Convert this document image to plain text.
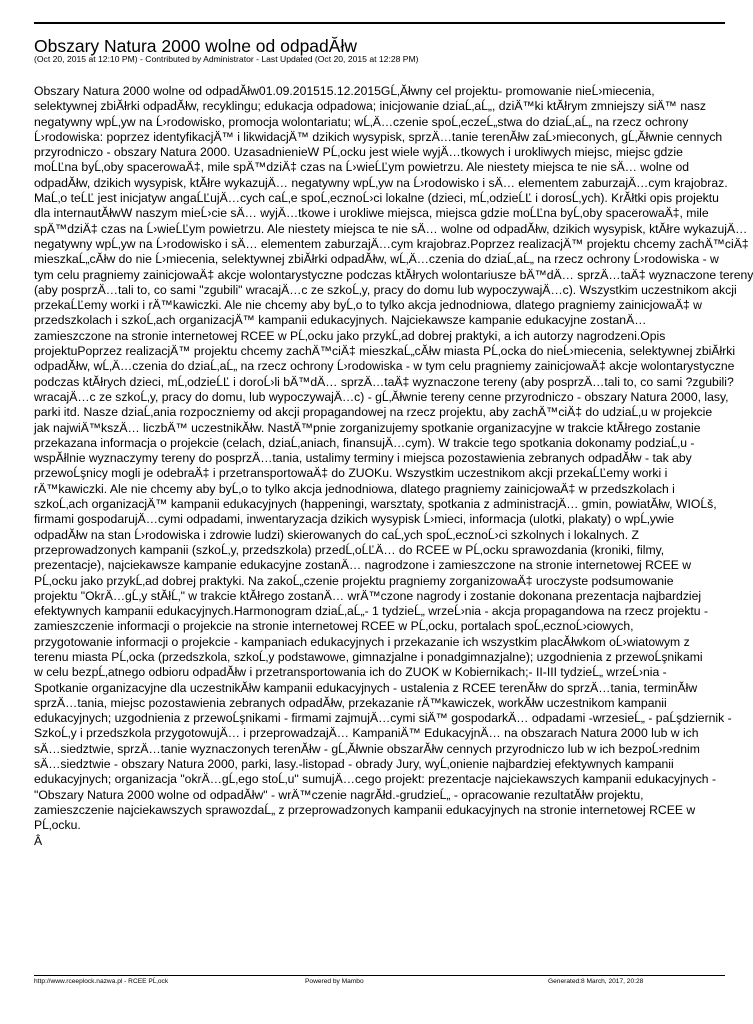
Obszary Natura 2000 wolne od odpadĂłw
(Oct 20, 2015 at 12:10 PM) - Contributed by Administrator - Last Updated (Oct 20, 2015 at 12:28 PM)

Obszary Natura 2000 wolne od odpadĂłw01.09.201515.12.2015GĹ‚Ăłwny cel projektu- promowanie nieĹ›miecenia,
selektywnej zbiĂłrki odpadĂłw, recyklingu; edukacja odpadowa; inicjowanie dziaĹ‚aĹ„, dziÄ™ki ktĂłrym zmniejszy siÄ™ nasz
negatywny wpĹ‚yw na Ĺ›rodowisko, promocja wolontariatu; wĹ‚Ä…czenie spoĹ‚eczeĹ„stwa do dziaĹ‚aĹ„ na rzecz ochrony
Ĺ›rodowiska: poprzez identyfikacjÄ™ i likwidacjÄ™ dzikich wysypisk, sprzÄ…tanie terenĂłw zaĹ›mieconych, gĹ‚Ăłwnie cennych
przyrodniczo - obszary Natura 2000. UzasadnienieW PĹ‚ocku jest wiele wyjÄ…tkowych i urokliwych miejsc, miejsc gdzie
moĹĽna byĹ‚oby spacerowaÄ‡, mile spÄ™dziÄ‡ czas na Ĺ›wieĹĽym powietrzu. Ale niestety miejsca te nie sÄ… wolne od
odpadĂłw, dzikich wysypisk, ktĂłre wykazujÄ… negatywny wpĹ‚yw na Ĺ›rodowisko i sÄ… elementem zaburzajÄ…cym krajobraz.
MaĹ‚o teĹĽ jest inicjatyw angaĹĽujÄ…cych caĹ‚e spoĹ‚ecznoĹ›ci lokalne (dzieci, mĹ‚odzieĹĽ i dorosĹ‚ych). KrĂłtki opis projektu
dla internautĂłwW naszym mieĹ›cie sÄ… wyjÄ…tkowe i urokliwe miejsca, miejsca gdzie moĹĽna byĹ‚oby spacerowaÄ‡, mile
spÄ™dziÄ‡ czas na Ĺ›wieĹĽym powietrzu. Ale niestety miejsca te nie sÄ… wolne od odpadĂłw, dzikich wysypisk, ktĂłre wykazujÄ…
negatywny wpĹ‚yw na Ĺ›rodowisko i sÄ… elementem zaburzajÄ…cym krajobraz.Poprzez realizacjÄ™ projektu chcemy zachÄ™ciÄ‡
mieszkaĹ„cĂłw do nie Ĺ›miecenia, selektywnej zbiĂłrki odpadĂłw, wĹ‚Ä…czenia do dziaĹ‚aĹ„ na rzecz ochrony Ĺ›rodowiska - w
tym celu pragniemy zainicjowaÄ‡ akcje wolontarystyczne podczas ktĂłrych wolontariusze bÄ™dÄ… sprzÄ…taÄ‡ wyznaczone tereny
(aby posprzÄ…tali to, co sami "zgubili" wracajÄ…c ze szkoĹ‚y, pracy do domu lub wypoczywajÄ…c). Wszystkim uczestnikom akcji
przekaĹĽemy worki i rÄ™kawiczki. Ale nie chcemy aby byĹ‚o to tylko akcja jednodniowa, dlatego pragniemy zainicjowaÄ‡ w
przedszkolach i szkoĹ‚ach organizacjÄ™ kampanii edukacyjnych. Najciekawsze kampanie edukacyjne zostanÄ…
zamieszczone na stronie internetowej RCEE w PĹ‚ocku jako przykĹ‚ad dobrej praktyki, a ich autorzy nagrodzeni.Opis
projektuPoprzez realizacjÄ™ projektu chcemy zachÄ™ciÄ‡ mieszkaĹ„cĂłw miasta PĹ‚ocka do nieĹ›miecenia, selektywnej zbiĂłrki
odpadĂłw, wĹ‚Ä…czenia do dziaĹ‚aĹ„ na rzecz ochrony Ĺ›rodowiska - w tym celu pragniemy zainicjowaÄ‡ akcje wolontarystyczne
podczas ktĂłrych dzieci, mĹ‚odzieĹĽ i doroĹ›li bÄ™dÄ… sprzÄ…taÄ‡ wyznaczone tereny (aby posprzÄ…tali to, co sami ?zgubili?
wracajÄ…c ze szkoĹ‚y, pracy do domu, lub wypoczywajÄ…c) - gĹ‚Ăłwnie tereny cenne przyrodniczo - obszary Natura 2000, lasy,
parki itd. Nasze dziaĹ‚ania rozpoczniemy od akcji propagandowej na rzecz projektu, aby zachÄ™ciÄ‡ do udziaĹ‚u w projekcie
jak najwiÄ™kszÄ… liczbÄ™ uczestnikĂłw. NastÄ™pnie zorganizujemy spotkanie organizacyjne w trakcie ktĂłrego zostanie
przekazana informacja o projekcie (celach, dziaĹ‚aniach, finansujÄ…cym). W trakcie tego spotkania dokonamy podziaĹ‚u -
wspĂłlnie wyznaczymy tereny do posprzÄ…tania, ustalimy terminy i miejsca pozostawienia zebranych odpadĂłw - tak aby
przewoĹşnicy mogli je odebraÄ‡ i przetransportowaÄ‡ do ZUOKu. Wszystkim uczestnikom akcji przekaĹĽemy worki i
rÄ™kawiczki. Ale nie chcemy aby byĹ‚o to tylko akcja jednodniowa, dlatego pragniemy zainicjowaÄ‡ w przedszkolach i
szkoĹ‚ach organizacjÄ™ kampanii edukacyjnych (happeningi, warsztaty, spotkania z administracjÄ… gmin, powiatĂłw, WIOĹš,
firmami gospodarujÄ…cymi odpadami, inwentaryzacja dzikich wysypisk Ĺ›mieci, informacja (ulotki, plakaty) o wpĹ‚ywie
odpadĂłw na stan Ĺ›rodowiska i zdrowie ludzi) skierowanych do caĹ‚ych spoĹ‚ecznoĹ›ci szkolnych i lokalnych. Z
przeprowadzonych kampanii (szkoĹ‚y, przedszkola) przedĹ‚oĹĽÄ… do RCEE w PĹ‚ocku sprawozdania (kroniki, filmy,
prezentacje), najciekawsze kampanie edukacyjne zostanÄ… nagrodzone i zamieszczone na stronie internetowej RCEE w
PĹ‚ocku jako przykĹ‚ad dobrej praktyki. Na zakoĹ„czenie projektu pragniemy zorganizowaÄ‡ uroczyste podsumowanie
projektu "OkrÄ…gĹ‚y stĂłĹ‚" w trakcie ktĂłrego zostanÄ… wrÄ™czone nagrody i zostanie dokonana prezentacja najbardziej
efektywnych kampanii edukacyjnych.Harmonogram dziaĹ‚aĹ„- 1 tydzieĹ„ wrzeĹ›nia - akcja propagandowa na rzecz projektu -
zamieszczenie informacji o projekcie na stronie internetowej RCEE w PĹ‚ocku, portalach spoĹ‚ecznoĹ›ciowych,
przygotowanie informacji o projekcie - kampaniach edukacyjnych i przekazanie ich wszystkim placĂłwkom oĹ›wiatowym z
terenu miasta PĹ‚ocka (przedszkola, szkoĹ‚y podstawowe, gimnazjalne i ponadgimnazjalne); uzgodnienia z przewoĹşnikami
w celu bezpĹ‚atnego odbioru odpadĂłw i przetransportowania ich do ZUOK w Kobiernikach;- II-III tydzieĹ„ wrzeĹ›nia -
Spotkanie organizacyjne dla uczestnikĂłw kampanii edukacyjnych - ustalenia z RCEE terenĂłw do sprzÄ…tania, terminĂłw
sprzÄ…tania, miejsc pozostawienia zebranych odpadĂłw, przekazanie rÄ™kawiczek, workĂłw uczestnikom kampanii
edukacyjnych; uzgodnienia z przewoĹşnikami - firmami zajmujÄ…cymi siÄ™ gospodarkÄ… odpadami -wrzesieĹ„ - paĹşdziernik -
SzkoĹ‚y i przedszkola przygotowujÄ… i przeprowadzajÄ… KampaniÄ™ EdukacyjnÄ… na obszarach Natura 2000 lub w ich
sÄ…siedztwie, sprzÄ…tanie wyznaczonych terenĂłw - gĹ‚Ăłwnie obszarĂłw cennych przyrodniczo lub w ich bezpoĹ›rednim
sÄ…siedztwie - obszary Natura 2000, parki, lasy.-listopad - obrady Jury, wyĹ‚onienie najbardziej efektywnych kampanii
edukacyjnych; organizacja "okrÄ…gĹ‚ego stoĹ‚u" sumujÄ…cego projekt: prezentacje najciekawszych kampanii edukacyjnych -
"Obszary Natura 2000 wolne od odpadĂłw" - wrÄ™czenie nagrĂłd.-grudzieĹ„ - opracowanie rezultatĂłw projektu,
zamieszczenie najciekawszych sprawozdaĹ„ z przeprowadzonych kampanii edukacyjnych na stronie internetowej RCEE w
PĹ‚ocku.
Â

http://www.rceeplock.nazwa.pl - RCEE PĹ‚ock	Powered by Mambo	Generated:8 March, 2017, 20:28
